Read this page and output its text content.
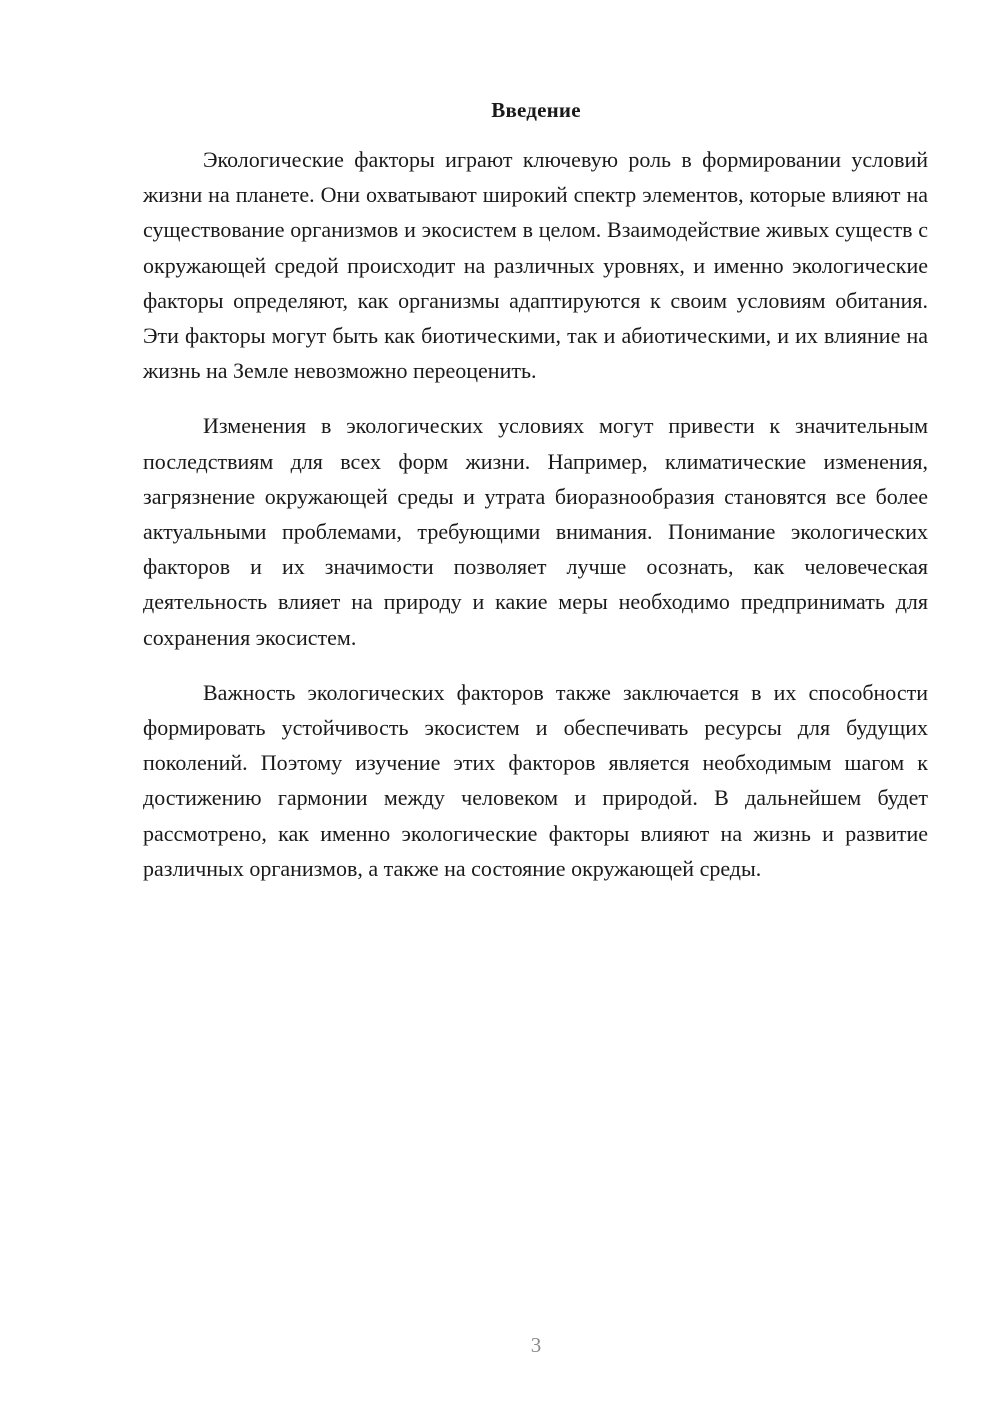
Введение

Экологические факторы играют ключевую роль в формировании условий жизни на планете. Они охватывают широкий спектр элементов, которые влияют на существование организмов и экосистем в целом. Взаимодействие живых существ с окружающей средой происходит на различных уровнях, и именно экологические факторы определяют, как организмы адаптируются к своим условиям обитания. Эти факторы могут быть как биотическими, так и абиотическими, и их влияние на жизнь на Земле невозможно переоценить.

Изменения в экологических условиях могут привести к значительным последствиям для всех форм жизни. Например, климатические изменения, загрязнение окружающей среды и утрата биоразнообразия становятся все более актуальными проблемами, требующими внимания. Понимание экологических факторов и их значимости позволяет лучше осознать, как человеческая деятельность влияет на природу и какие меры необходимо предпринимать для сохранения экосистем.

Важность экологических факторов также заключается в их способности формировать устойчивость экосистем и обеспечивать ресурсы для будущих поколений. Поэтому изучение этих факторов является необходимым шагом к достижению гармонии между человеком и природой. В дальнейшем будет рассмотрено, как именно экологические факторы влияют на жизнь и развитие различных организмов, а также на состояние окружающей среды.

3
